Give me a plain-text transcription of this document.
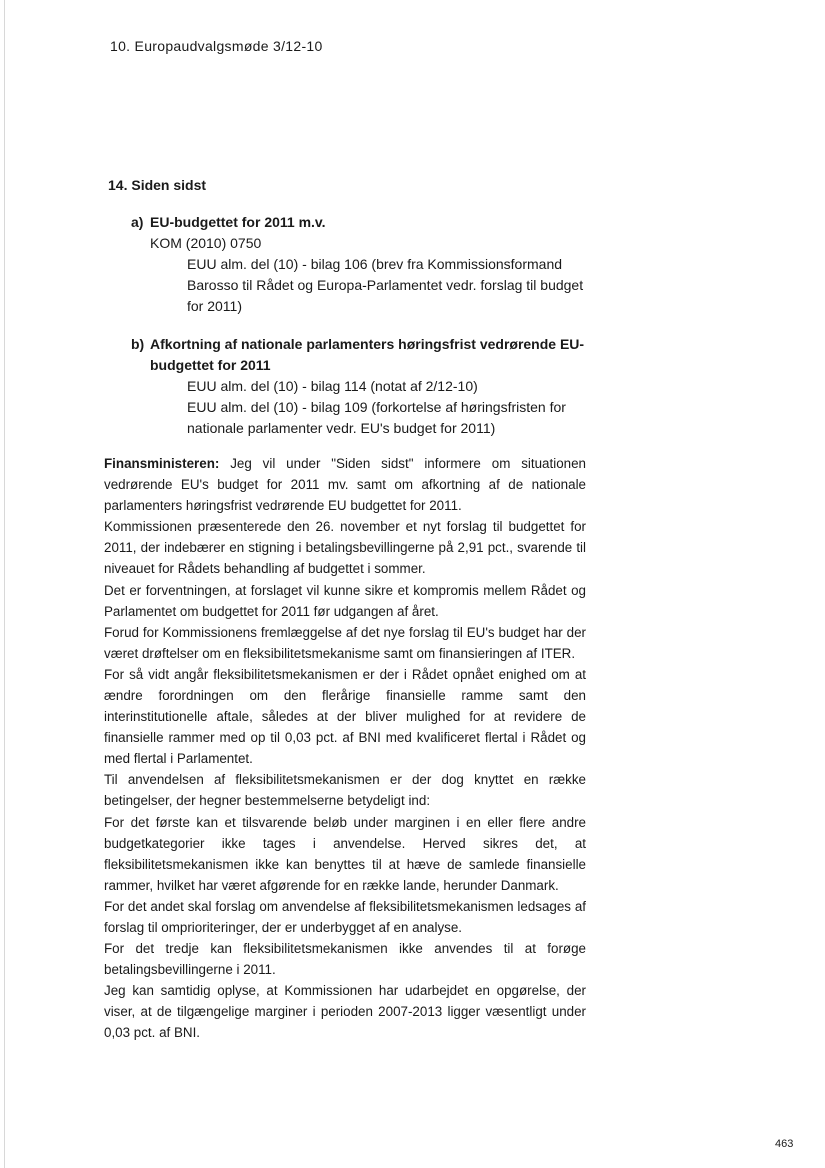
10. Europaudvalgsmøde 3/12-10
14. Siden sidst
a) EU-budgettet for 2011 m.v.
KOM (2010) 0750
EUU alm. del (10) - bilag 106 (brev fra Kommissionsformand Barosso til Rådet og Europa-Parlamentet vedr. forslag til budget for 2011)
b) Afkortning af nationale parlamenters høringsfrist vedrørende EU-budgettet for 2011
EUU alm. del (10) - bilag 114 (notat af 2/12-10)
EUU alm. del (10) - bilag 109 (forkortelse af høringsfristen for nationale parlamenter vedr. EU's budget for 2011)

Finansministeren: Jeg vil under "Siden sidst" informere om situationen vedrørende EU's budget for 2011 mv. samt om afkortning af de nationale parlamenters høringsfrist vedrørende EU budgettet for 2011.

Kommissionen præsenterede den 26. november et nyt forslag til budgettet for 2011, der indebærer en stigning i betalingsbevillingerne på 2,91 pct., svarende til niveauet for Rådets behandling af budgettet i sommer.

Det er forventningen, at forslaget vil kunne sikre et kompromis mellem Rådet og Parlamentet om budgettet for 2011 før udgangen af året.

Forud for Kommissionens fremlæggelse af det nye forslag til EU's budget har der været drøftelser om en fleksibilitetsmekanisme samt om finansieringen af ITER.

For så vidt angår fleksibilitetsmekanismen er der i Rådet opnået enighed om at ændre forordningen om den flerårige finansielle ramme samt den interinstitutionelle aftale, således at der bliver mulighed for at revidere de finansielle rammer med op til 0,03 pct. af BNI med kvalificeret flertal i Rådet og med flertal i Parlamentet.

Til anvendelsen af fleksibilitetsmekanismen er der dog knyttet en række betingelser, der hegner bestemmelserne betydeligt ind:

For det første kan et tilsvarende beløb under marginen i en eller flere andre budgetkategorier ikke tages i anvendelse. Herved sikres det, at fleksibilitetsmekanismen ikke kan benyttes til at hæve de samlede finansielle rammer, hvilket har været afgørende for en række lande, herunder Danmark.

For det andet skal forslag om anvendelse af fleksibilitetsmekanismen ledsages af forslag til omprioriteringer, der er underbygget af en analyse.

For det tredje kan fleksibilitetsmekanismen ikke anvendes til at forøge betalingsbevillingerne i 2011.

Jeg kan samtidig oplyse, at Kommissionen har udarbejdet en opgørelse, der viser, at de tilgængelige marginer i perioden 2007-2013 ligger væsentligt under 0,03 pct. af BNI.

463
